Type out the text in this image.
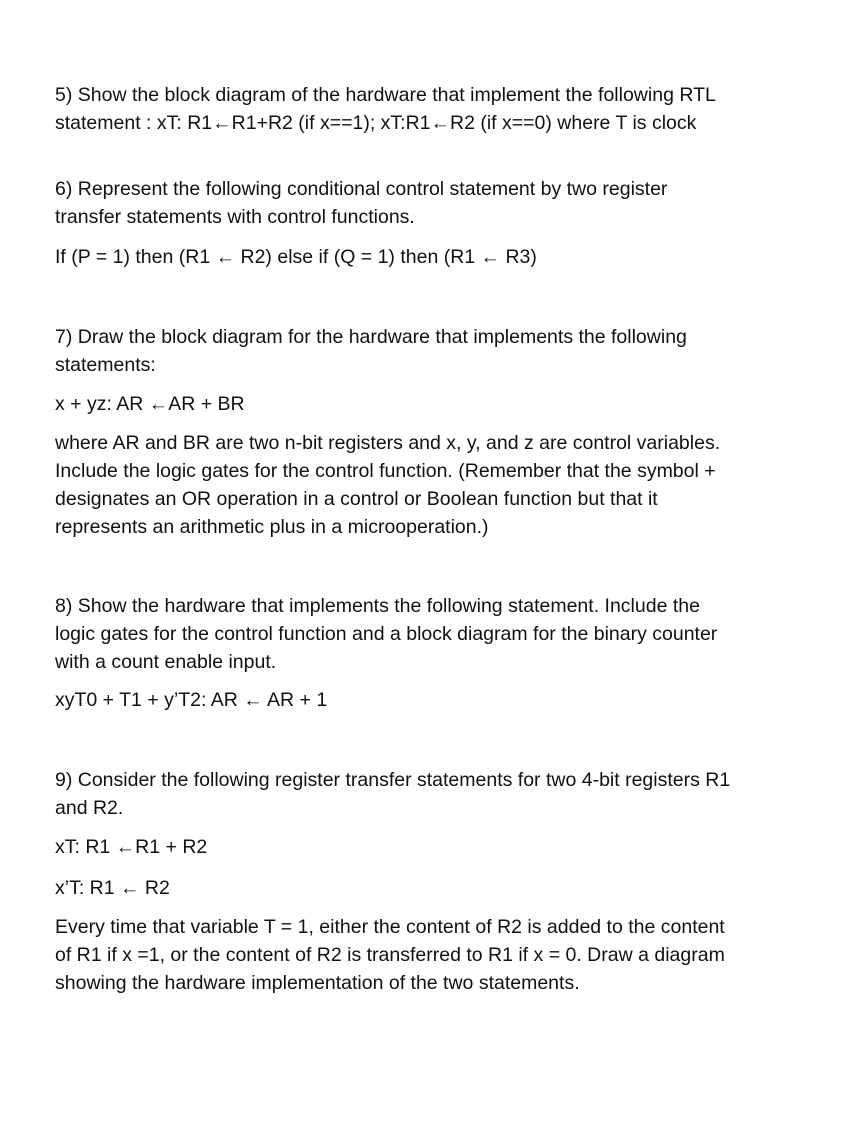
5) Show the block diagram of the hardware that implement the following RTL
statement : xT: R1←R1+R2 (if x==1); xT:R1←R2 (if x==0) where T is clock
6) Represent the following conditional control statement by two register
transfer statements with control functions.
If (P = 1) then (R1 ← R2) else if (Q = 1) then (R1 ← R3)
7) Draw the block diagram for the hardware that implements the following
statements:
x + yz: AR ←AR + BR
where AR and BR are two n-bit registers and x, y, and z are control variables.
Include the logic gates for the control function. (Remember that the symbol +
designates an OR operation in a control or Boolean function but that it
represents an arithmetic plus in a microoperation.)
8) Show the hardware that implements the following statement. Include the
logic gates for the control function and a block diagram for the binary counter
with a count enable input.
xyT0 + T1 + y’T2: AR ← AR + 1
9) Consider the following register transfer statements for two 4-bit registers R1
and R2.
xT: R1 ←R1 + R2
x’T: R1 ← R2
Every time that variable T = 1, either the content of R2 is added to the content
of R1 if x =1, or the content of R2 is transferred to R1 if x = 0. Draw a diagram
showing the hardware implementation of the two statements.
